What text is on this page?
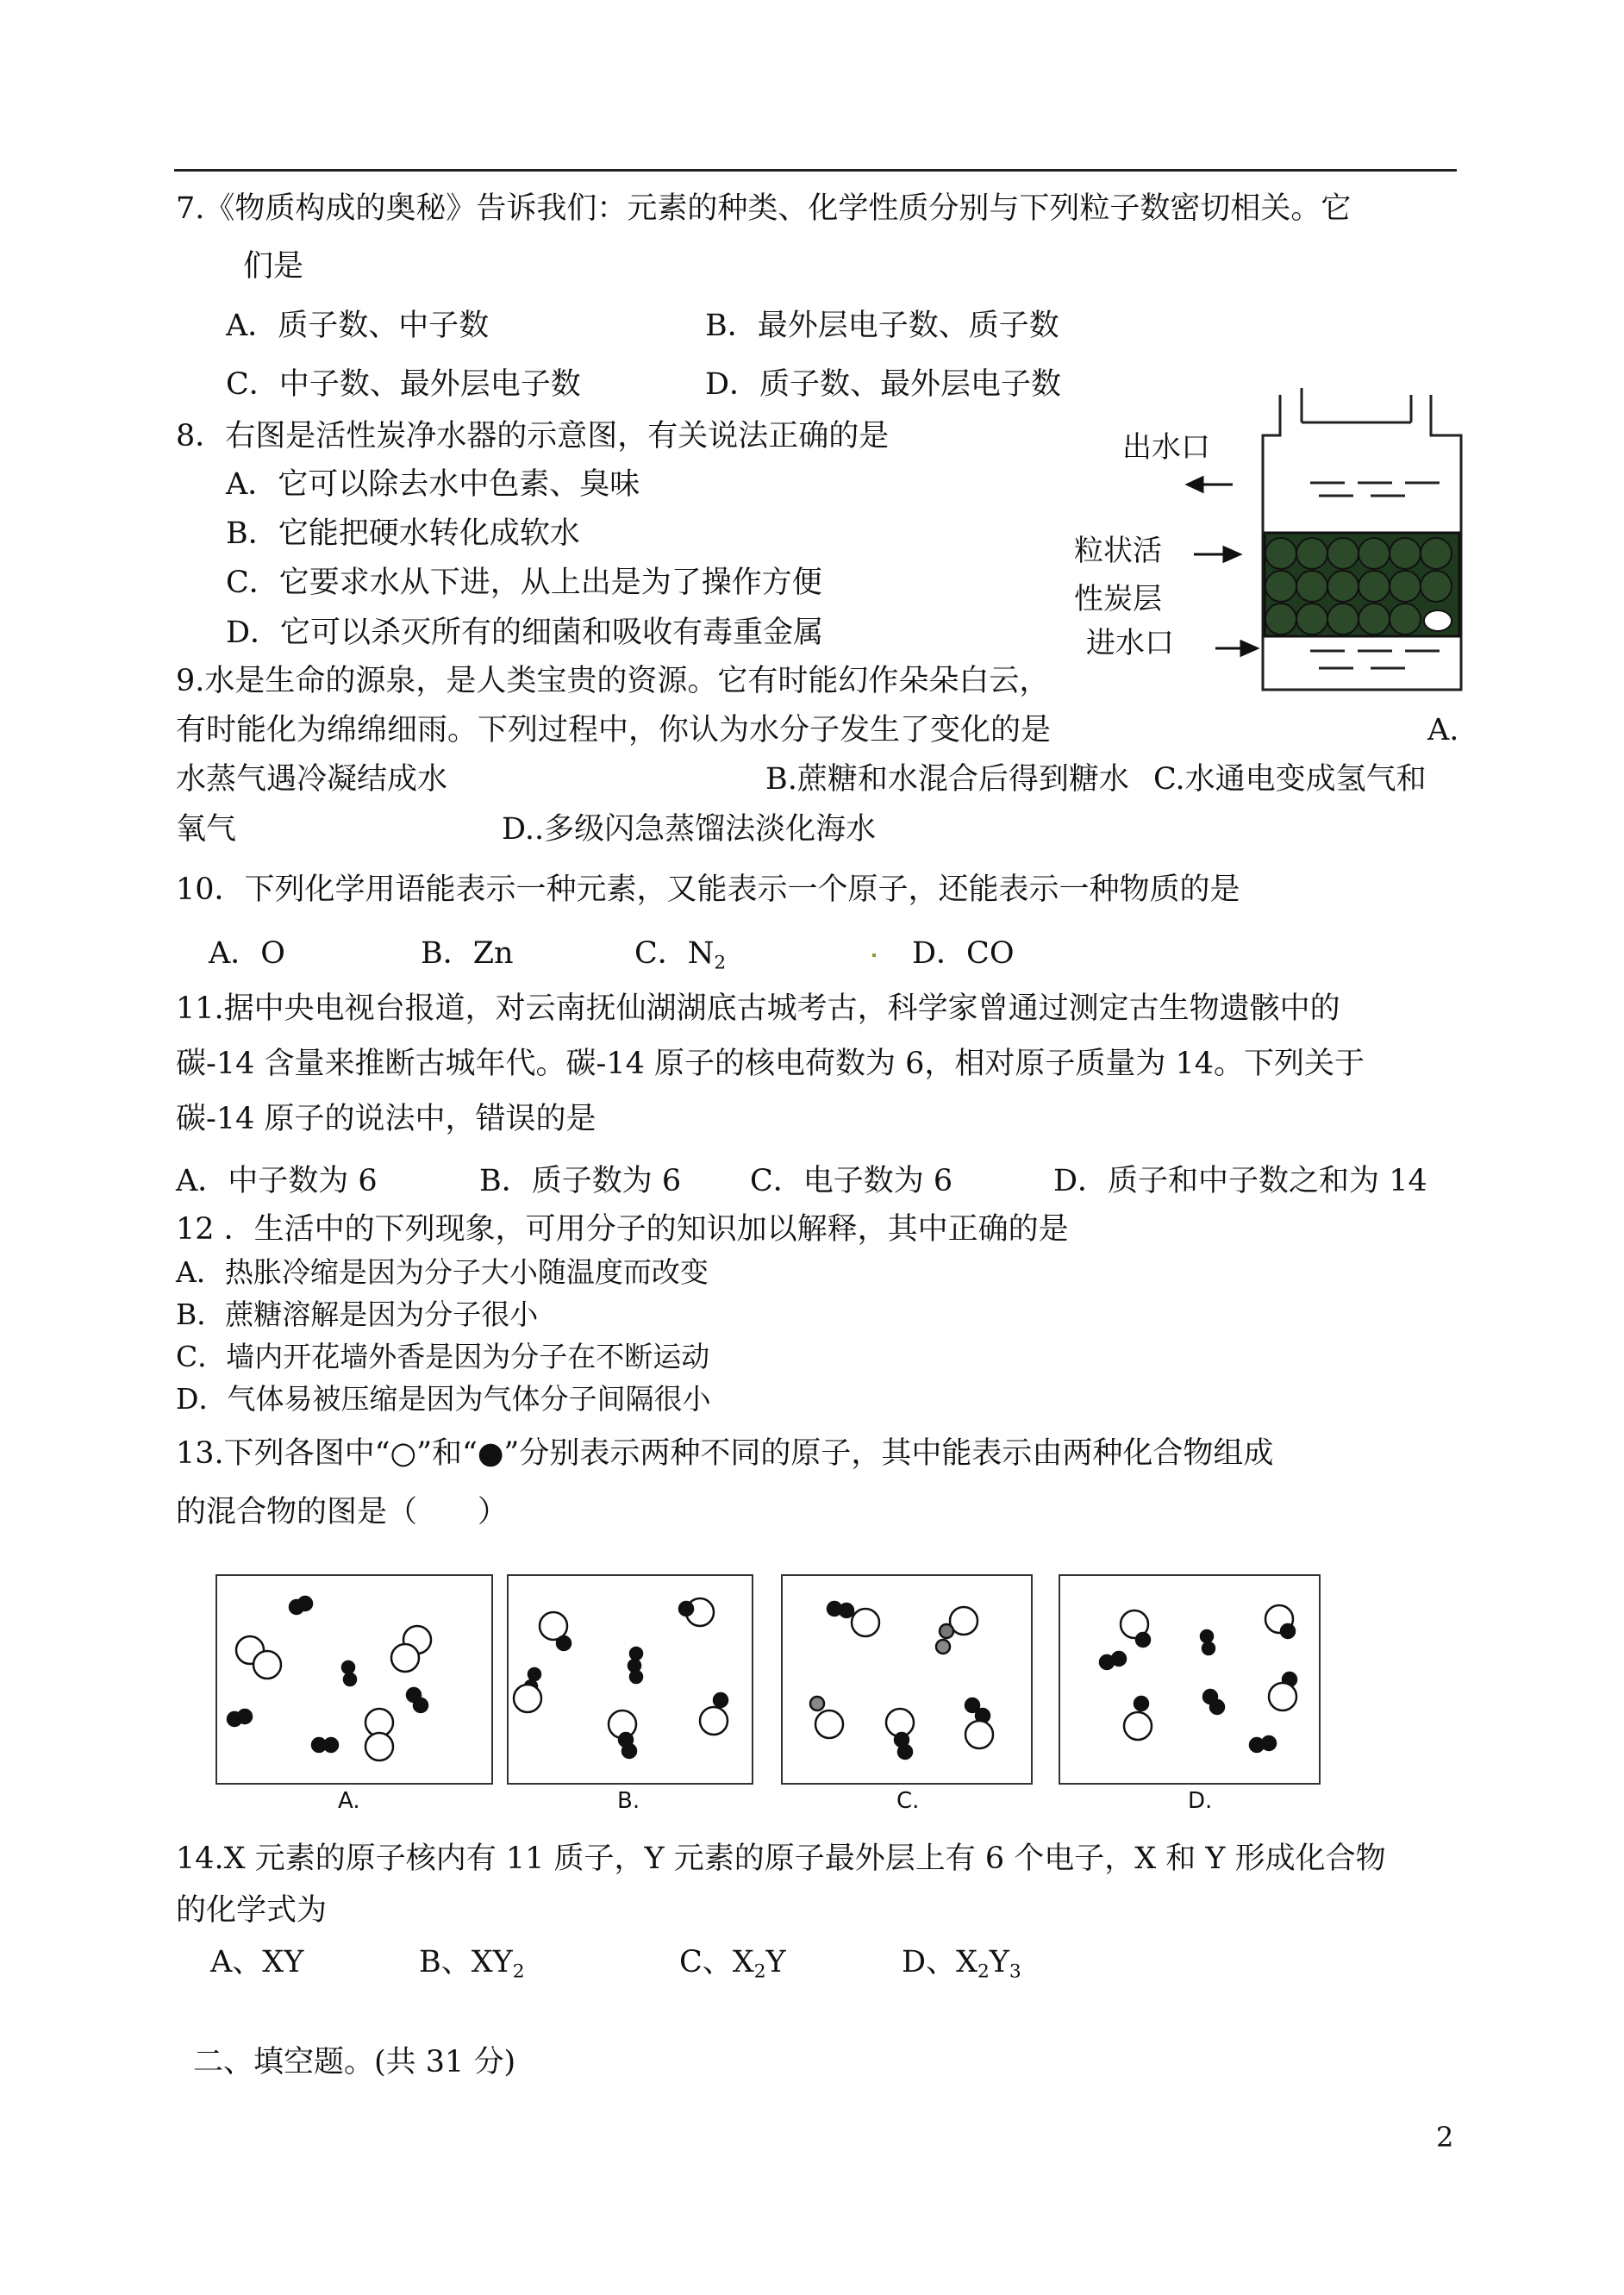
7.《物质构成的奥秘》告诉我们：元素的种类、化学性质分别与下列粒子数密切相关。它
们是
A．质子数、中子数	B．最外层电子数、质子数
C．中子数、最外层电子数	D．质子数、最外层电子数
8．右图是活性炭净水器的示意图，有关说法正确的是
A．它可以除去水中色素、臭味
B．它能把硬水转化成软水
C．它要求水从下进，从上出是为了操作方便
D．它可以杀灭所有的细菌和吸收有毒重金属
出水口
粒状活
性炭层
进水口
9.水是生命的源泉，是人类宝贵的资源。它有时能幻作朵朵白云，
有时能化为绵绵细雨。下列过程中，你认为水分子发生了变化的是	A.
水蒸气遇冷凝结成水	B.蔗糖和水混合后得到糖水 C.水通电变成氢气和
氧气	D..多级闪急蒸馏法淡化海水
10．下列化学用语能表示一种元素，又能表示一个原子，还能表示一种物质的是
A．O	B．Zn	C．$N_2$	D．CO
11.据中央电视台报道，对云南抚仙湖湖底古城考古，科学家曾通过测定古生物遗骸中的
碳-14 含量来推断古城年代。碳-14 原子的核电荷数为 6，相对原子质量为 14。下列关于
碳-14 原子的说法中，错误的是
A．中子数为 6	B．质子数为 6 C．电子数为 6	D．质子和中子数之和为 14
12 ．生活中的下列现象，可用分子的知识加以解释，其中正确的是
A．热胀冷缩是因为分子大小随温度而改变
B．蔗糖溶解是因为分子很小
C．墙内开花墙外香是因为分子在不断运动
D．气体易被压缩是因为气体分子间隔很小
13.下列各图中“○”和“●”分别表示两种不同的原子，其中能表示由两种化合物组成
的混合物的图是（　　）
A.	B.	C.	D.
14.X 元素的原子核内有 11 质子，Y 元素的原子最外层上有 6 个电子，X 和 Y 形成化合物
的化学式为
A、XY	B、$XY_2$	C、$X_2Y$	D、$X_2Y_3$
二、填空题。(共 31 分)
2
